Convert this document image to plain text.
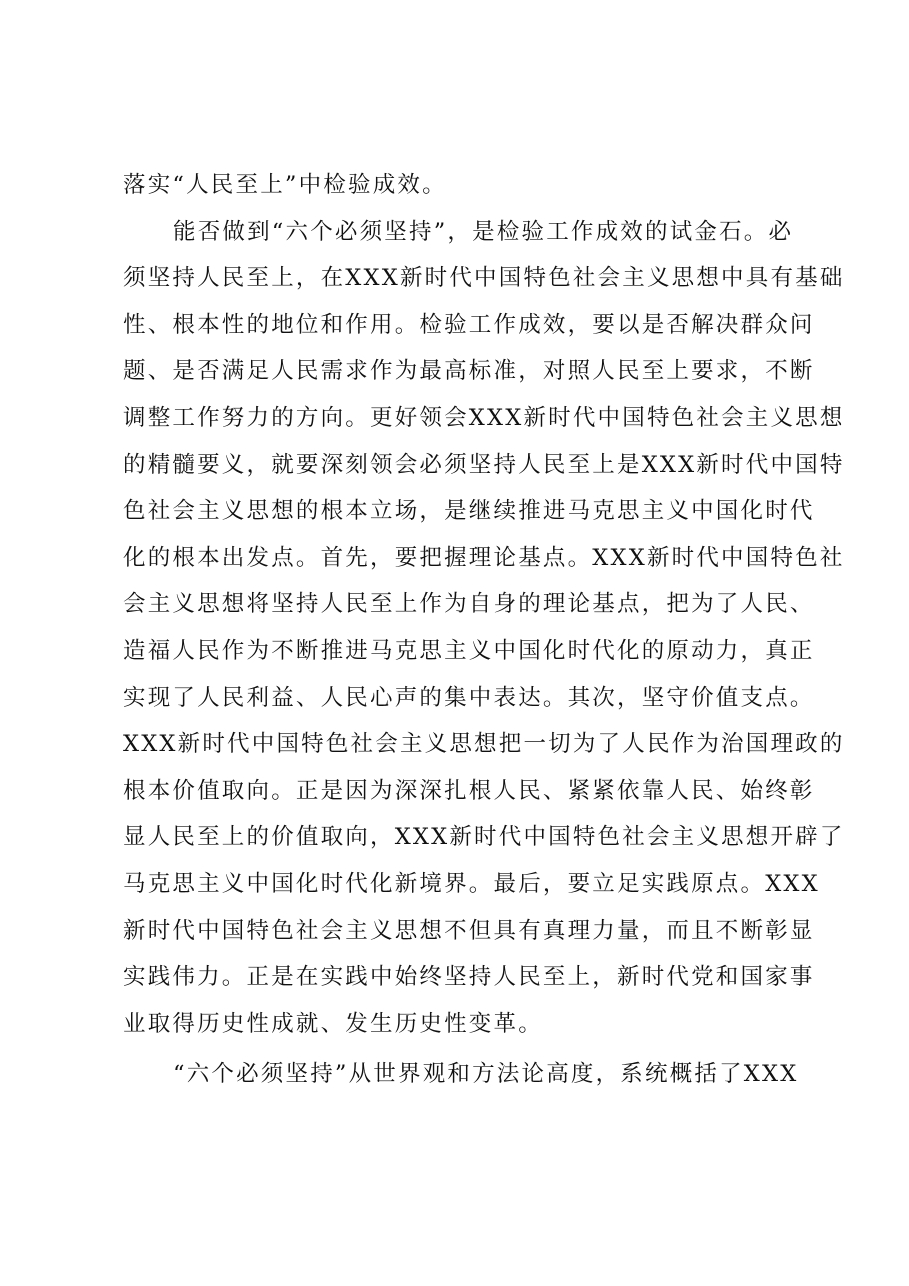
落实“人民至上”中检验成效。
能否做到“六个必须坚持”，是检验工作成效的试金石。必
须坚持人民至上，在XXX新时代中国特色社会主义思想中具有基础
性、根本性的地位和作用。检验工作成效，要以是否解决群众问
题、是否满足人民需求作为最高标准，对照人民至上要求，不断
调整工作努力的方向。更好领会XXX新时代中国特色社会主义思想
的精髓要义，就要深刻领会必须坚持人民至上是XXX新时代中国特
色社会主义思想的根本立场，是继续推进马克思主义中国化时代
化的根本出发点。首先，要把握理论基点。XXX新时代中国特色社
会主义思想将坚持人民至上作为自身的理论基点，把为了人民、
造福人民作为不断推进马克思主义中国化时代化的原动力，真正
实现了人民利益、人民心声的集中表达。其次，坚守价值支点。
XXX新时代中国特色社会主义思想把一切为了人民作为治国理政的
根本价值取向。正是因为深深扎根人民、紧紧依靠人民、始终彰
显人民至上的价值取向，XXX新时代中国特色社会主义思想开辟了
马克思主义中国化时代化新境界。最后，要立足实践原点。XXX
新时代中国特色社会主义思想不但具有真理力量，而且不断彰显
实践伟力。正是在实践中始终坚持人民至上，新时代党和国家事
业取得历史性成就、发生历史性变革。
“六个必须坚持”从世界观和方法论高度，系统概括了XXX
